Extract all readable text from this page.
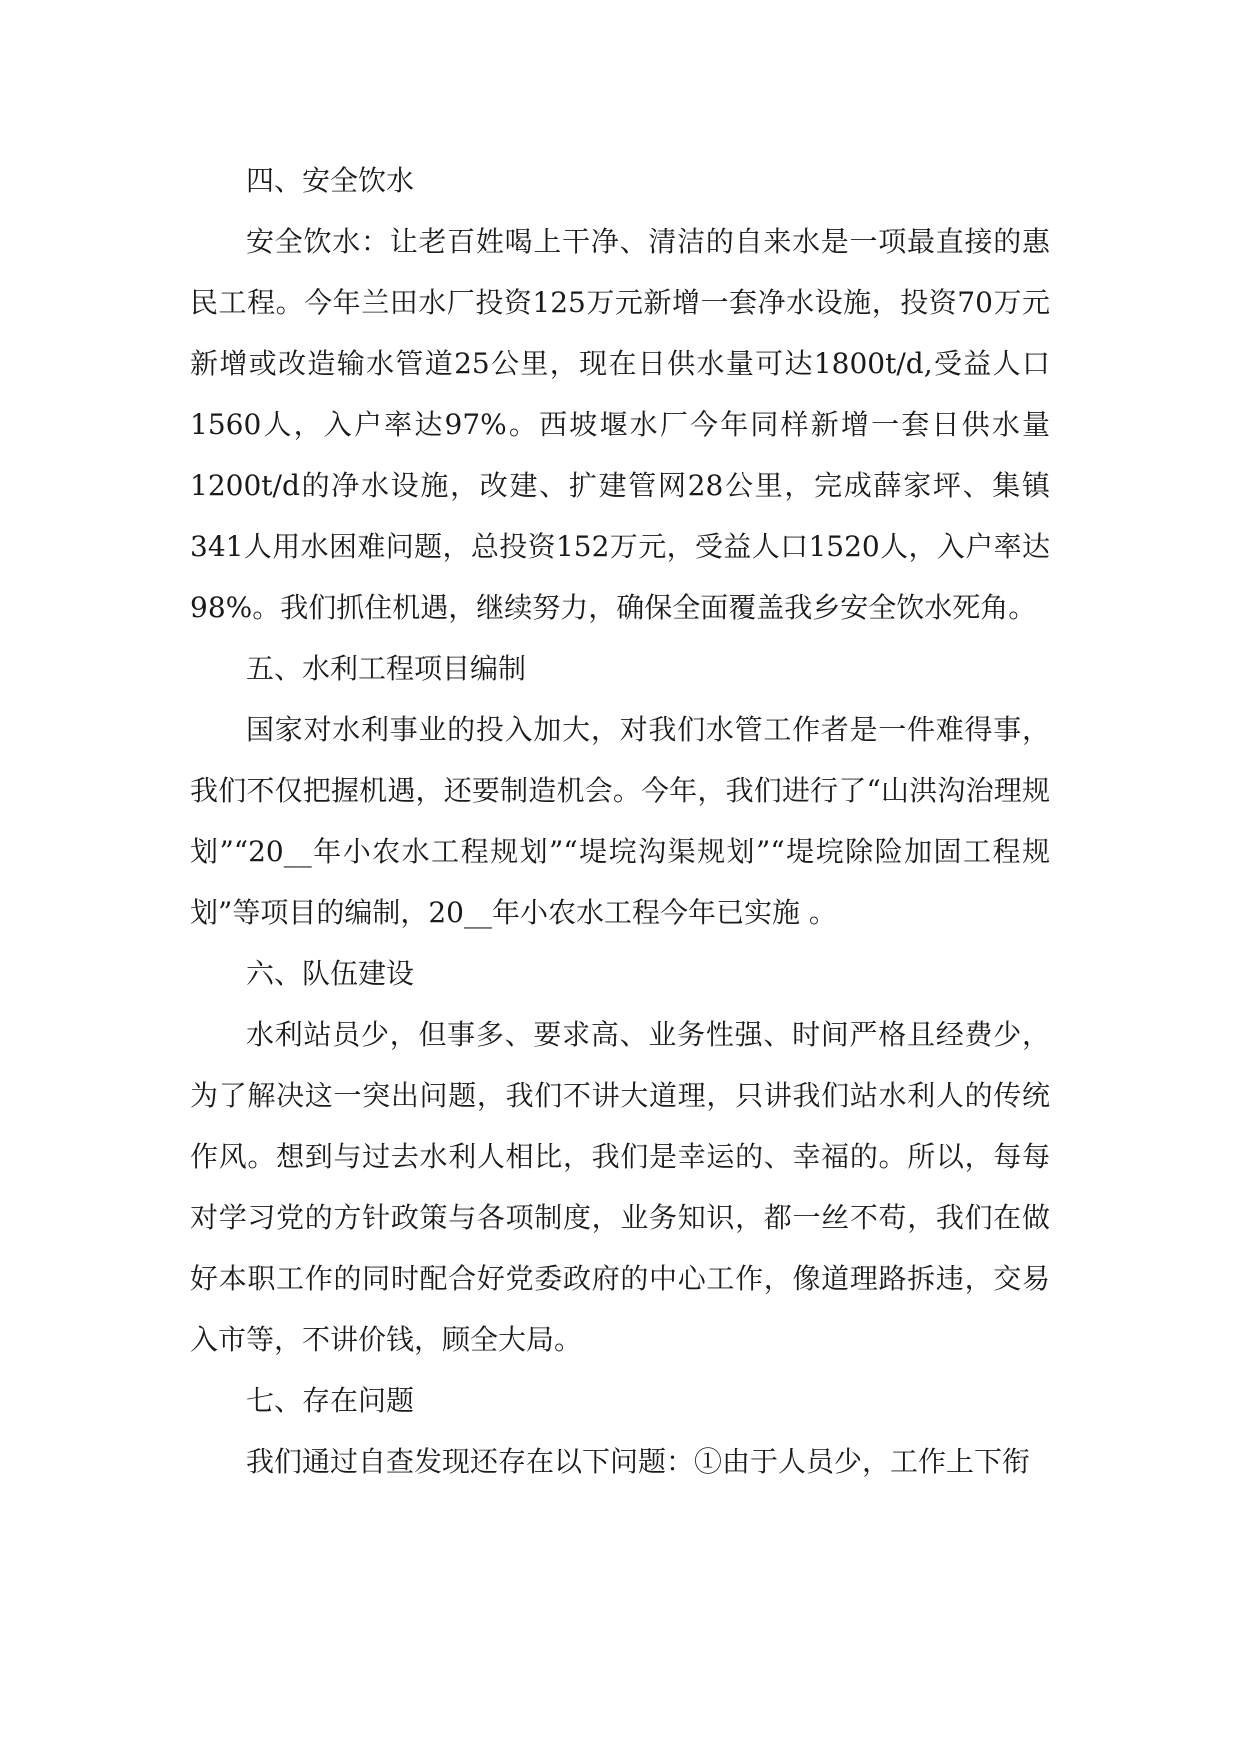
四、安全饮水

安全饮水：让老百姓喝上干净、清洁的自来水是一项最直接的惠民工程。今年兰田水厂投资125万元新增一套净水设施，投资70万元新增或改造输水管道25公里，现在日供水量可达1800t/d,受益人口1560人，入户率达97%。西坡堰水厂今年同样新增一套日供水量1200t/d的净水设施，改建、扩建管网28公里，完成薛家坪、集镇341人用水困难问题，总投资152万元，受益人口1520人，入户率达98%。我们抓住机遇，继续努力，确保全面覆盖我乡安全饮水死角。

五、水利工程项目编制

国家对水利事业的投入加大，对我们水管工作者是一件难得事，我们不仅把握机遇，还要制造机会。今年，我们进行了“山洪沟治理规划”“20__年小农水工程规划”“堤垸沟渠规划”“堤垸除险加固工程规划”等项目的编制，20__年小农水工程今年已实施 。

六、队伍建设

水利站员少，但事多、要求高、业务性强、时间严格且经费少，为了解决这一突出问题，我们不讲大道理，只讲我们站水利人的传统作风。想到与过去水利人相比，我们是幸运的、幸福的。所以，每每对学习党的方针政策与各项制度，业务知识，都一丝不苟，我们在做好本职工作的同时配合好党委政府的中心工作，像道理路拆违，交易入市等，不讲价钱，顾全大局。

七、存在问题

我们通过自查发现还存在以下问题：①由于人员少，工作上下衔
